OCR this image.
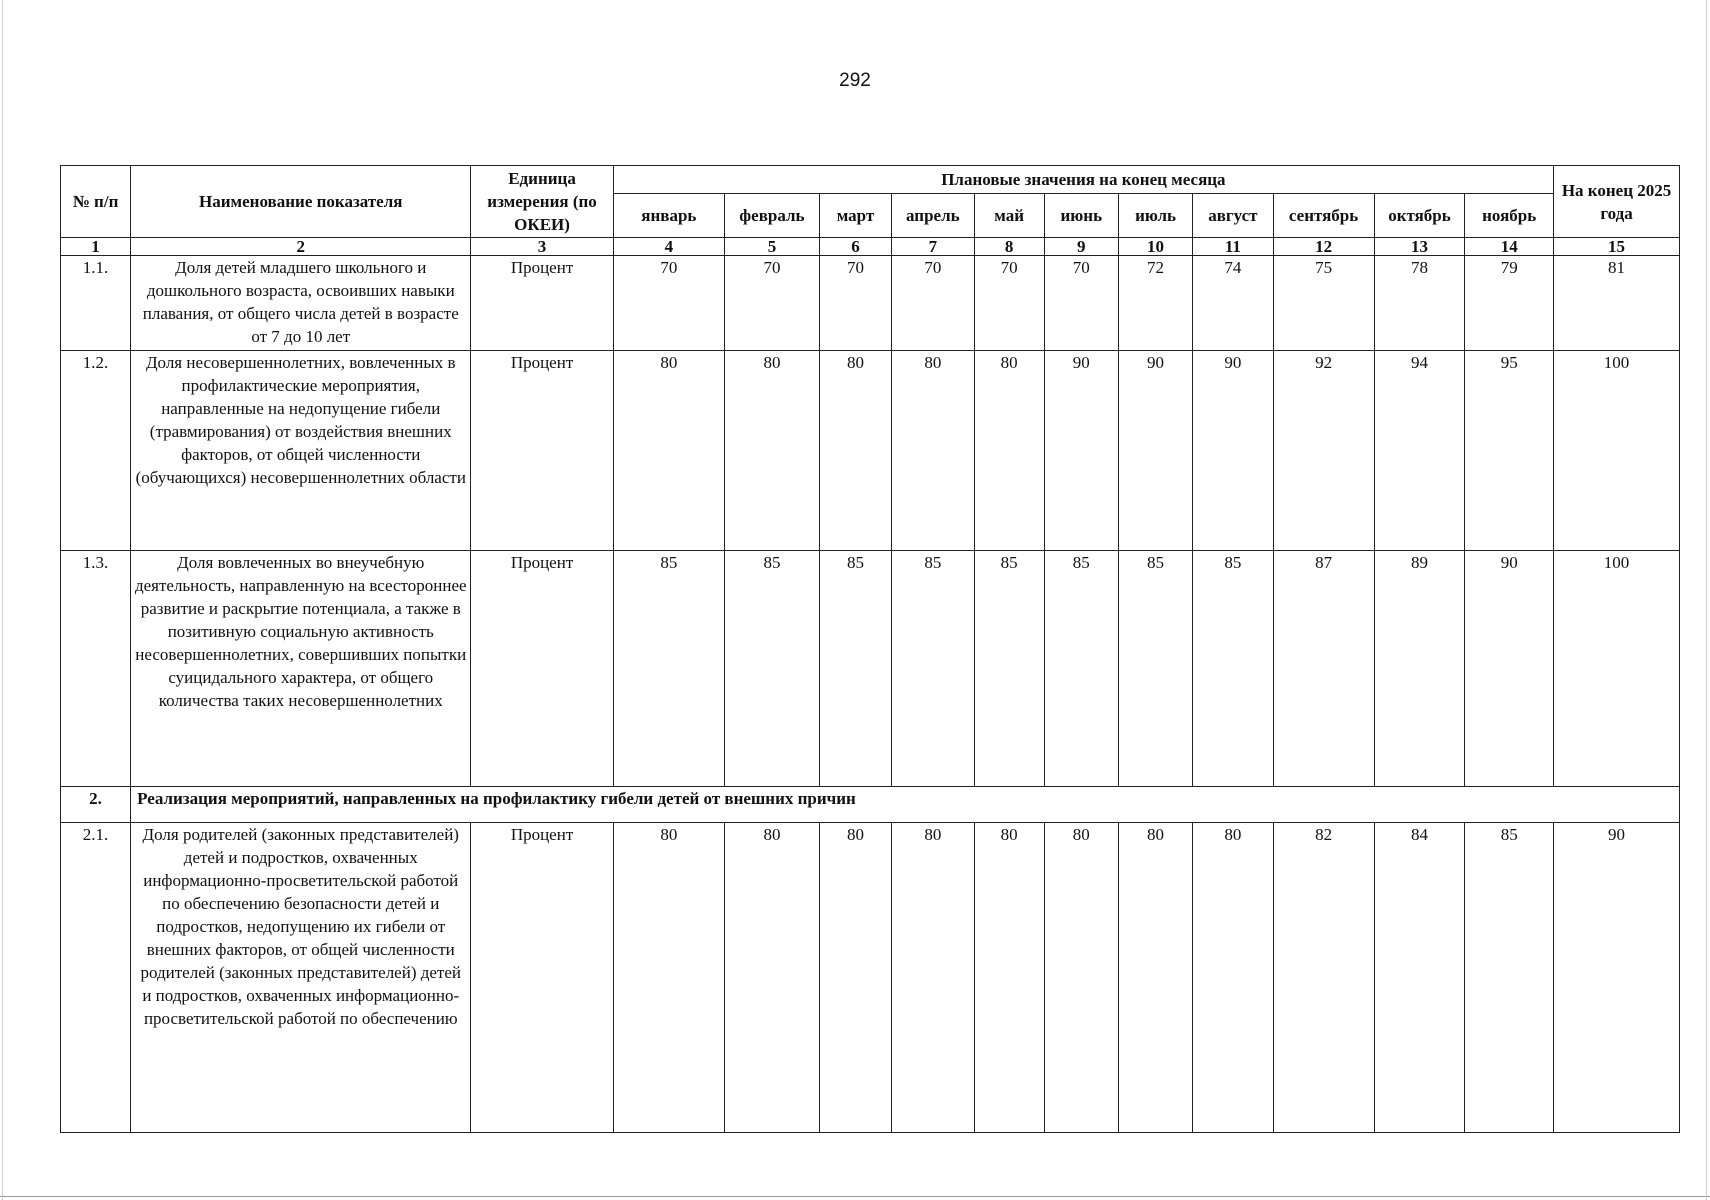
292
№ п/п	Наименование показателя	Единица измерения (по ОКЕИ)	Плановые значения на конец месяца											На конец 2025 года
			январь	февраль	март	апрель	май	июнь	июль	август	сентябрь	октябрь	ноябрь	
1	2	3	4	5	6	7	8	9	10	11	12	13	14	15
1.1.	Доля детей младшего школьного и дошкольного возраста, освоивших навыки плавания, от общего числа детей в возрасте от 7 до 10 лет	Процент	70	70	70	70	70	70	72	74	75	78	79	81
1.2.	Доля несовершеннолетних, вовлеченных в профилактические мероприятия, направленные на недопущение гибели (травмирования) от воздействия внешних факторов, от общей численности (обучающихся) несовершеннолетних области	Процент	80	80	80	80	80	90	90	90	92	94	95	100
1.3.	Доля вовлеченных во внеучебную деятельность, направленную на всестороннее развитие и раскрытие потенциала, а также в позитивную социальную активность несовершеннолетних, совершивших попытки суицидального характера, от общего количества таких несовершеннолетних	Процент	85	85	85	85	85	85	85	85	87	89	90	100
2.	Реализация мероприятий, направленных на профилактику гибели детей от внешних причин													
2.1.	Доля родителей (законных представителей) детей и подростков, охваченных информационно-просветительской работой по обеспечению безопасности детей и подростков, недопущению их гибели от внешних факторов, от общей численности родителей (законных представителей) детей и подростков, охваченных информационно-просветительской работой по обеспечению	Процент	80	80	80	80	80	80	80	80	82	84	85	90
